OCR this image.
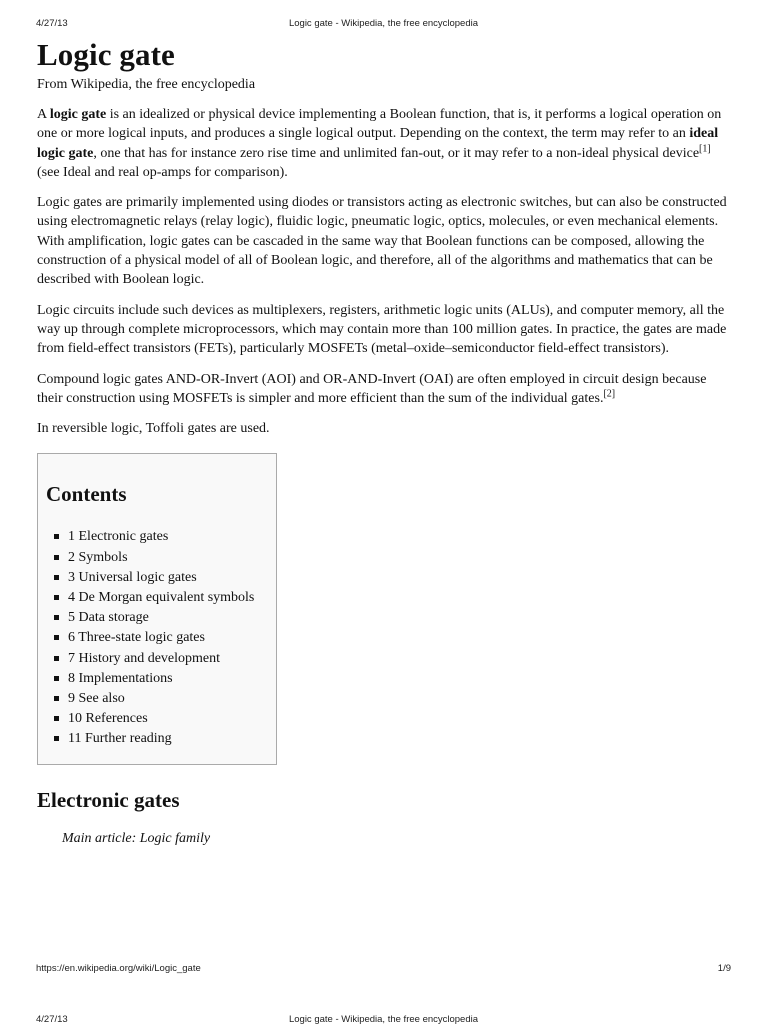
4/27/13	Logic gate - Wikipedia, the free encyclopedia
Logic gate
From Wikipedia, the free encyclopedia

A logic gate is an idealized or physical device implementing a Boolean function, that is, it performs a logical operation on one or more logical inputs, and produces a single logical output. Depending on the context, the term may refer to an ideal logic gate, one that has for instance zero rise time and unlimited fan-out, or it may refer to a non-ideal physical device[1] (see Ideal and real op-amps for comparison).

Logic gates are primarily implemented using diodes or transistors acting as electronic switches, but can also be constructed using electromagnetic relays (relay logic), fluidic logic, pneumatic logic, optics, molecules, or even mechanical elements. With amplification, logic gates can be cascaded in the same way that Boolean functions can be composed, allowing the construction of a physical model of all of Boolean logic, and therefore, all of the algorithms and mathematics that can be described with Boolean logic.

Logic circuits include such devices as multiplexers, registers, arithmetic logic units (ALUs), and computer memory, all the way up through complete microprocessors, which may contain more than 100 million gates. In practice, the gates are made from field-effect transistors (FETs), particularly MOSFETs (metal–oxide–semiconductor field-effect transistors).

Compound logic gates AND-OR-Invert (AOI) and OR-AND-Invert (OAI) are often employed in circuit design because their construction using MOSFETs is simpler and more efficient than the sum of the individual gates.[2]

In reversible logic, Toffoli gates are used.

Contents
1 Electronic gates
2 Symbols
3 Universal logic gates
4 De Morgan equivalent symbols
5 Data storage
6 Three-state logic gates
7 History and development
8 Implementations
9 See also
10 References
11 Further reading
Electronic gates
Main article: Logic family
https://en.wikipedia.org/wiki/Logic_gate	1/9
4/27/13	Logic gate - Wikipedia, the free encyclopedia
